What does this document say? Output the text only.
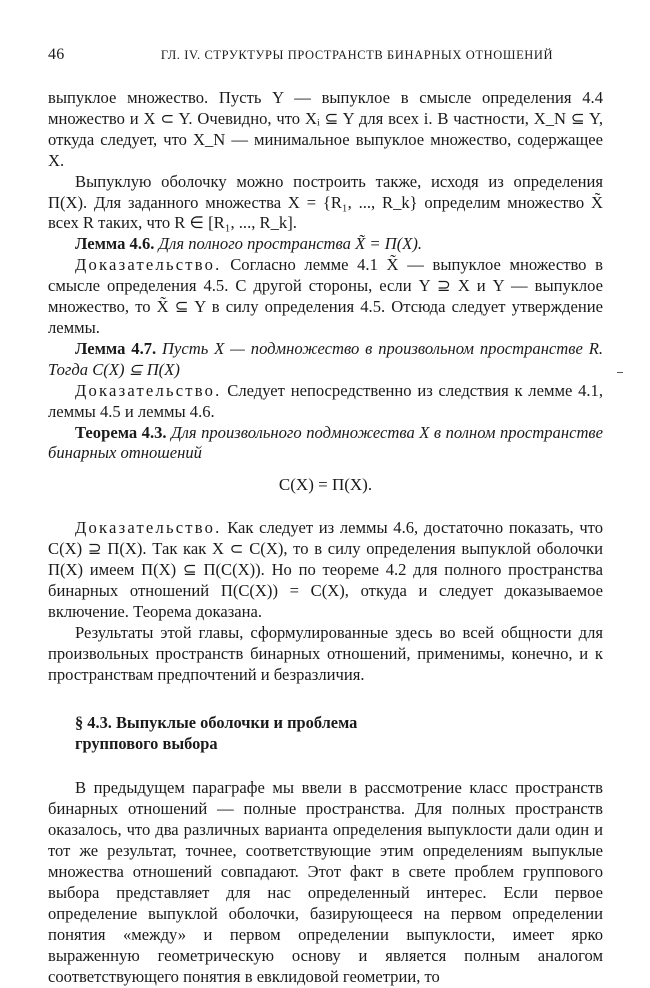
46	ГЛ. IV. СТРУКТУРЫ ПРОСТРАНСТВ БИНАРНЫХ ОТНОШЕНИЙ

выпуклое множество. Пусть Y — выпуклое в смысле определения 4.4 множество и X ⊂ Y. Очевидно, что Xᵢ ⊆ Y для всех i. В частности, X_N ⊆ Y, откуда следует, что X_N — минимальное выпуклое множество, содержащее X.

Выпуклую оболочку можно построить также, исходя из определения Π(X). Для заданного множества X = {R₁, ..., R_k} определим множество X̃ всех R таких, что R ∈ [R₁, ..., R_k].

Лемма 4.6. Для полного пространства X̃ = Π(X).

Доказательство. Согласно лемме 4.1 X̃ — выпуклое множество в смысле определения 4.5. С другой стороны, если Y ⊇ X и Y — выпуклое множество, то X̃ ⊆ Y в силу определения 4.5. Отсюда следует утверждение леммы.

Лемма 4.7. Пусть X — подмножество в произвольном пространстве R. Тогда C(X) ⊆ Π(X)

Доказательство. Следует непосредственно из следствия к лемме 4.1, леммы 4.5 и леммы 4.6.

Теорема 4.3. Для произвольного подмножества X в полном пространстве бинарных отношений

C(X) = Π(X).

Доказательство. Как следует из леммы 4.6, достаточно показать, что C(X) ⊇ Π(X). Так как X ⊂ C(X), то в силу определения выпуклой оболочки Π(X) имеем Π(X) ⊆ Π(C(X)). Но по теореме 4.2 для полного пространства бинарных отношений Π(C(X)) = C(X), откуда и следует доказываемое включение. Теорема доказана.

Результаты этой главы, сформулированные здесь во всей общности для произвольных пространств бинарных отношений, применимы, конечно, и к пространствам предпочтений и безразличия.

§ 4.3. Выпуклые оболочки и проблема
группового выбора

В предыдущем параграфе мы ввели в рассмотрение класс пространств бинарных отношений — полные пространства. Для полных пространств оказалось, что два различных варианта определения выпуклости дали один и тот же результат, точнее, соответствующие этим определениям выпуклые множества отношений совпадают. Этот факт в свете проблем группового выбора представляет для нас определенный интерес. Если первое определение выпуклой оболочки, базирующееся на первом определении понятия «между» и первом определении выпуклости, имеет ярко выраженную геометрическую основу и является полным аналогом соответствующего понятия в евклидовой геометрии, то
